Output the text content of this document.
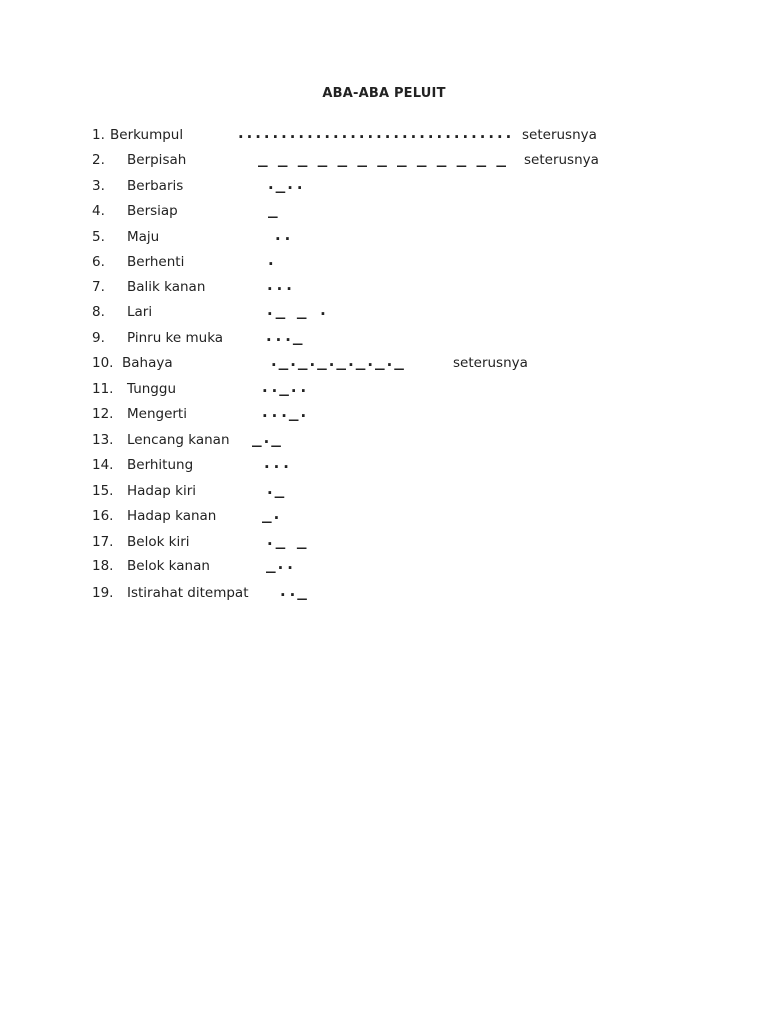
ABA-ABA PELUIT
1. Berkumpul	................................ seterusnya
2. Berpisah	_ _ _ _ _ _ _ _ _ _ _ _ _ seterusnya
3. Berbaris	._..
4. Bersiap	_
5. Maju	..
6. Berhenti	.
7. Balik kanan	...
8. Lari	._ _ .
9. Pinru ke muka	..._
10. Bahaya	._._._._._._._	seterusnya
11. Tunggu	.._..
12. Mengerti	..._.
13. Lencang kanan _._
14. Berhitung	...
15. Hadap kiri	._
16. Hadap kanan	_.
17. Belok kiri	._ _
18. Belok kanan	_..
19. Istirahat ditempat .._
